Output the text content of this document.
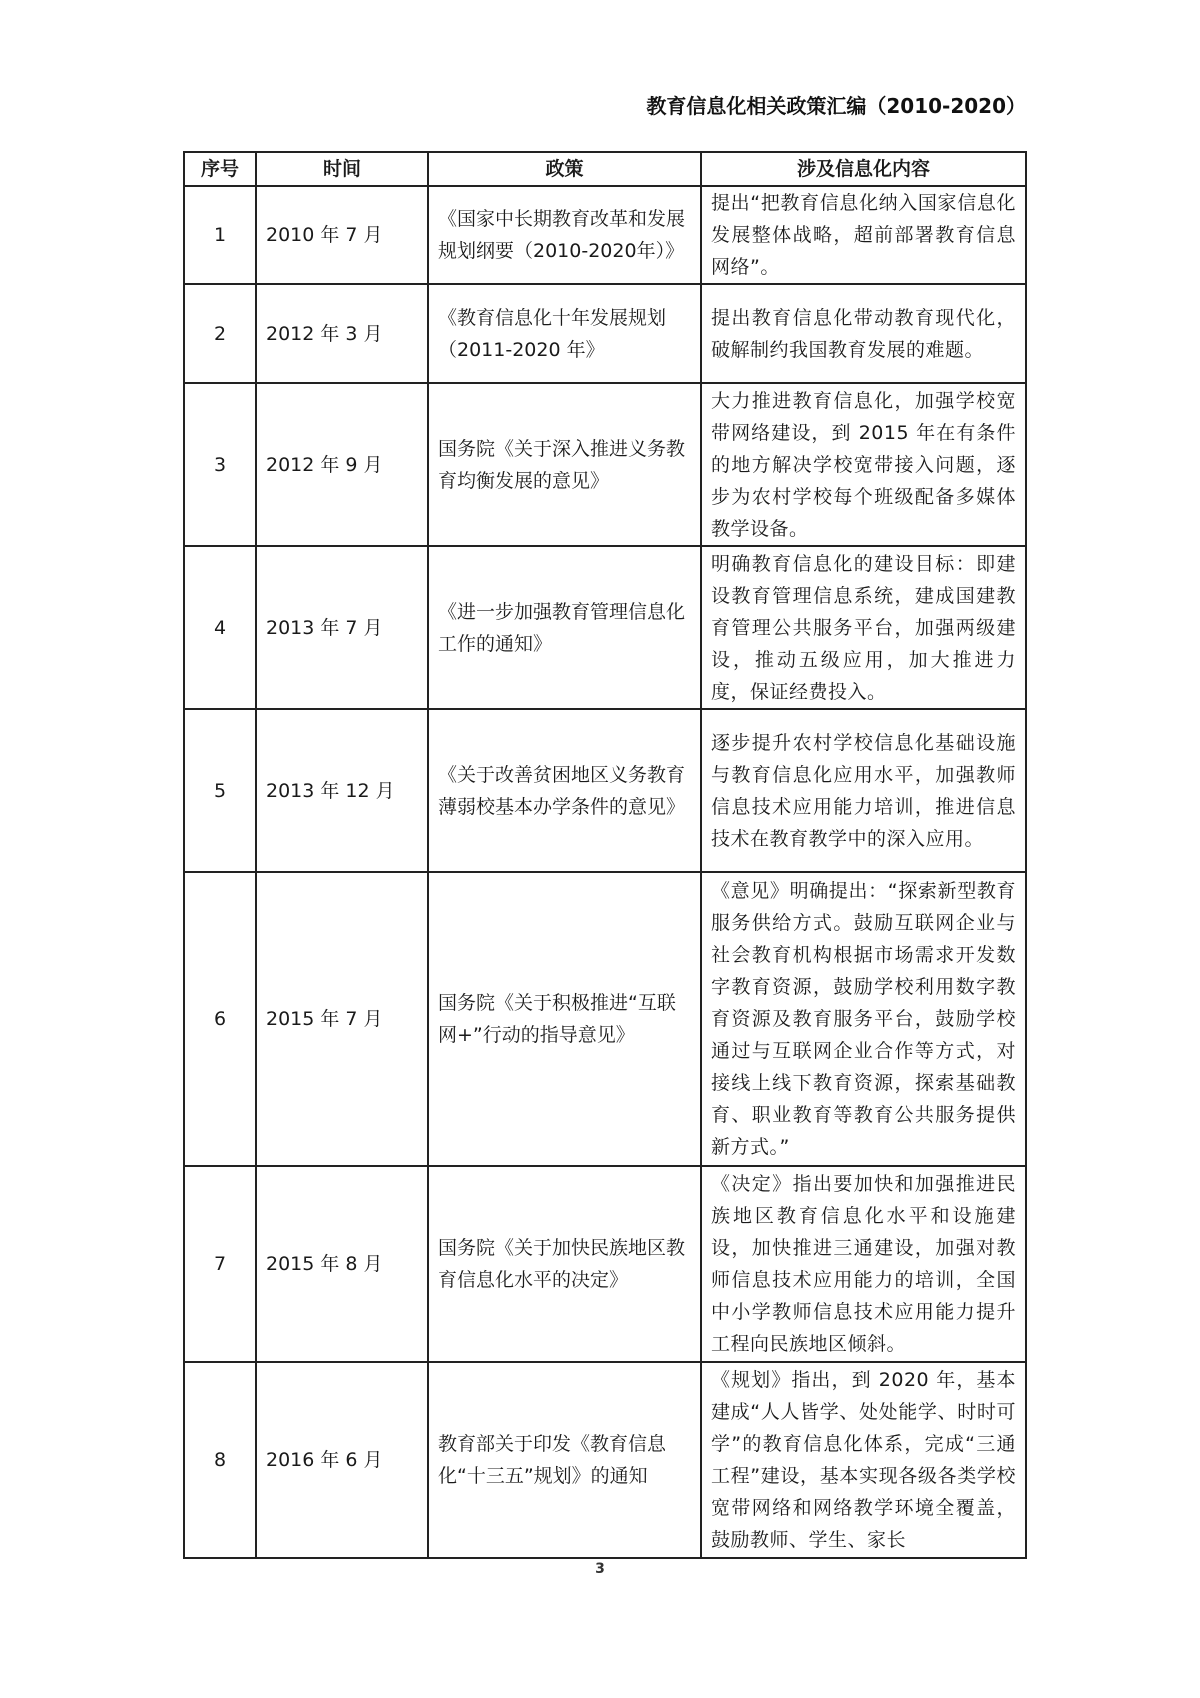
教育信息化相关政策汇编（2010-2020）
序号	时间	政策	涉及信息化内容
1	2010 年 7 月	《国家中长期教育改革和发展规划纲要（2010-2020年）》	提出“把教育信息化纳入国家信息化发展整体战略，超前部署教育信息网络”。
2	2012 年 3 月	《教育信息化十年发展规划（2011-2020 年》	提出教育信息化带动教育现代化，破解制约我国教育发展的难题。
3	2012 年 9 月	国务院《关于深入推进义务教育均衡发展的意见》	大力推进教育信息化，加强学校宽带网络建设，到 2015 年在有条件的地方解决学校宽带接入问题，逐步为农村学校每个班级配备多媒体教学设备。
4	2013 年 7 月	《进一步加强教育管理信息化工作的通知》	明确教育信息化的建设目标：即建设教育管理信息系统，建成国建教育管理公共服务平台，加强两级建设，推动五级应用，加大推进力度，保证经费投入。
5	2013 年 12 月	《关于改善贫困地区义务教育薄弱校基本办学条件的意见》	逐步提升农村学校信息化基础设施与教育信息化应用水平，加强教师信息技术应用能力培训，推进信息技术在教育教学中的深入应用。
6	2015 年 7 月	国务院《关于积极推进“互联网+”行动的指导意见》	《意见》明确提出：“探索新型教育服务供给方式。鼓励互联网企业与社会教育机构根据市场需求开发数字教育资源，鼓励学校利用数字教育资源及教育服务平台，鼓励学校通过与互联网企业合作等方式，对接线上线下教育资源，探索基础教育、职业教育等教育公共服务提供新方式。”
7	2015 年 8 月	国务院《关于加快民族地区教育信息化水平的决定》	《决定》指出要加快和加强推进民族地区教育信息化水平和设施建设，加快推进三通建设，加强对教师信息技术应用能力的培训，全国中小学教师信息技术应用能力提升工程向民族地区倾斜。
8	2016 年 6 月	教育部关于印发《教育信息化“十三五”规划》的通知	《规划》指出，到 2020 年，基本建成“人人皆学、处处能学、时时可学”的教育信息化体系，完成“三通工程”建设，基本实现各级各类学校宽带网络和网络教学环境全覆盖，鼓励教师、学生、家长
3
